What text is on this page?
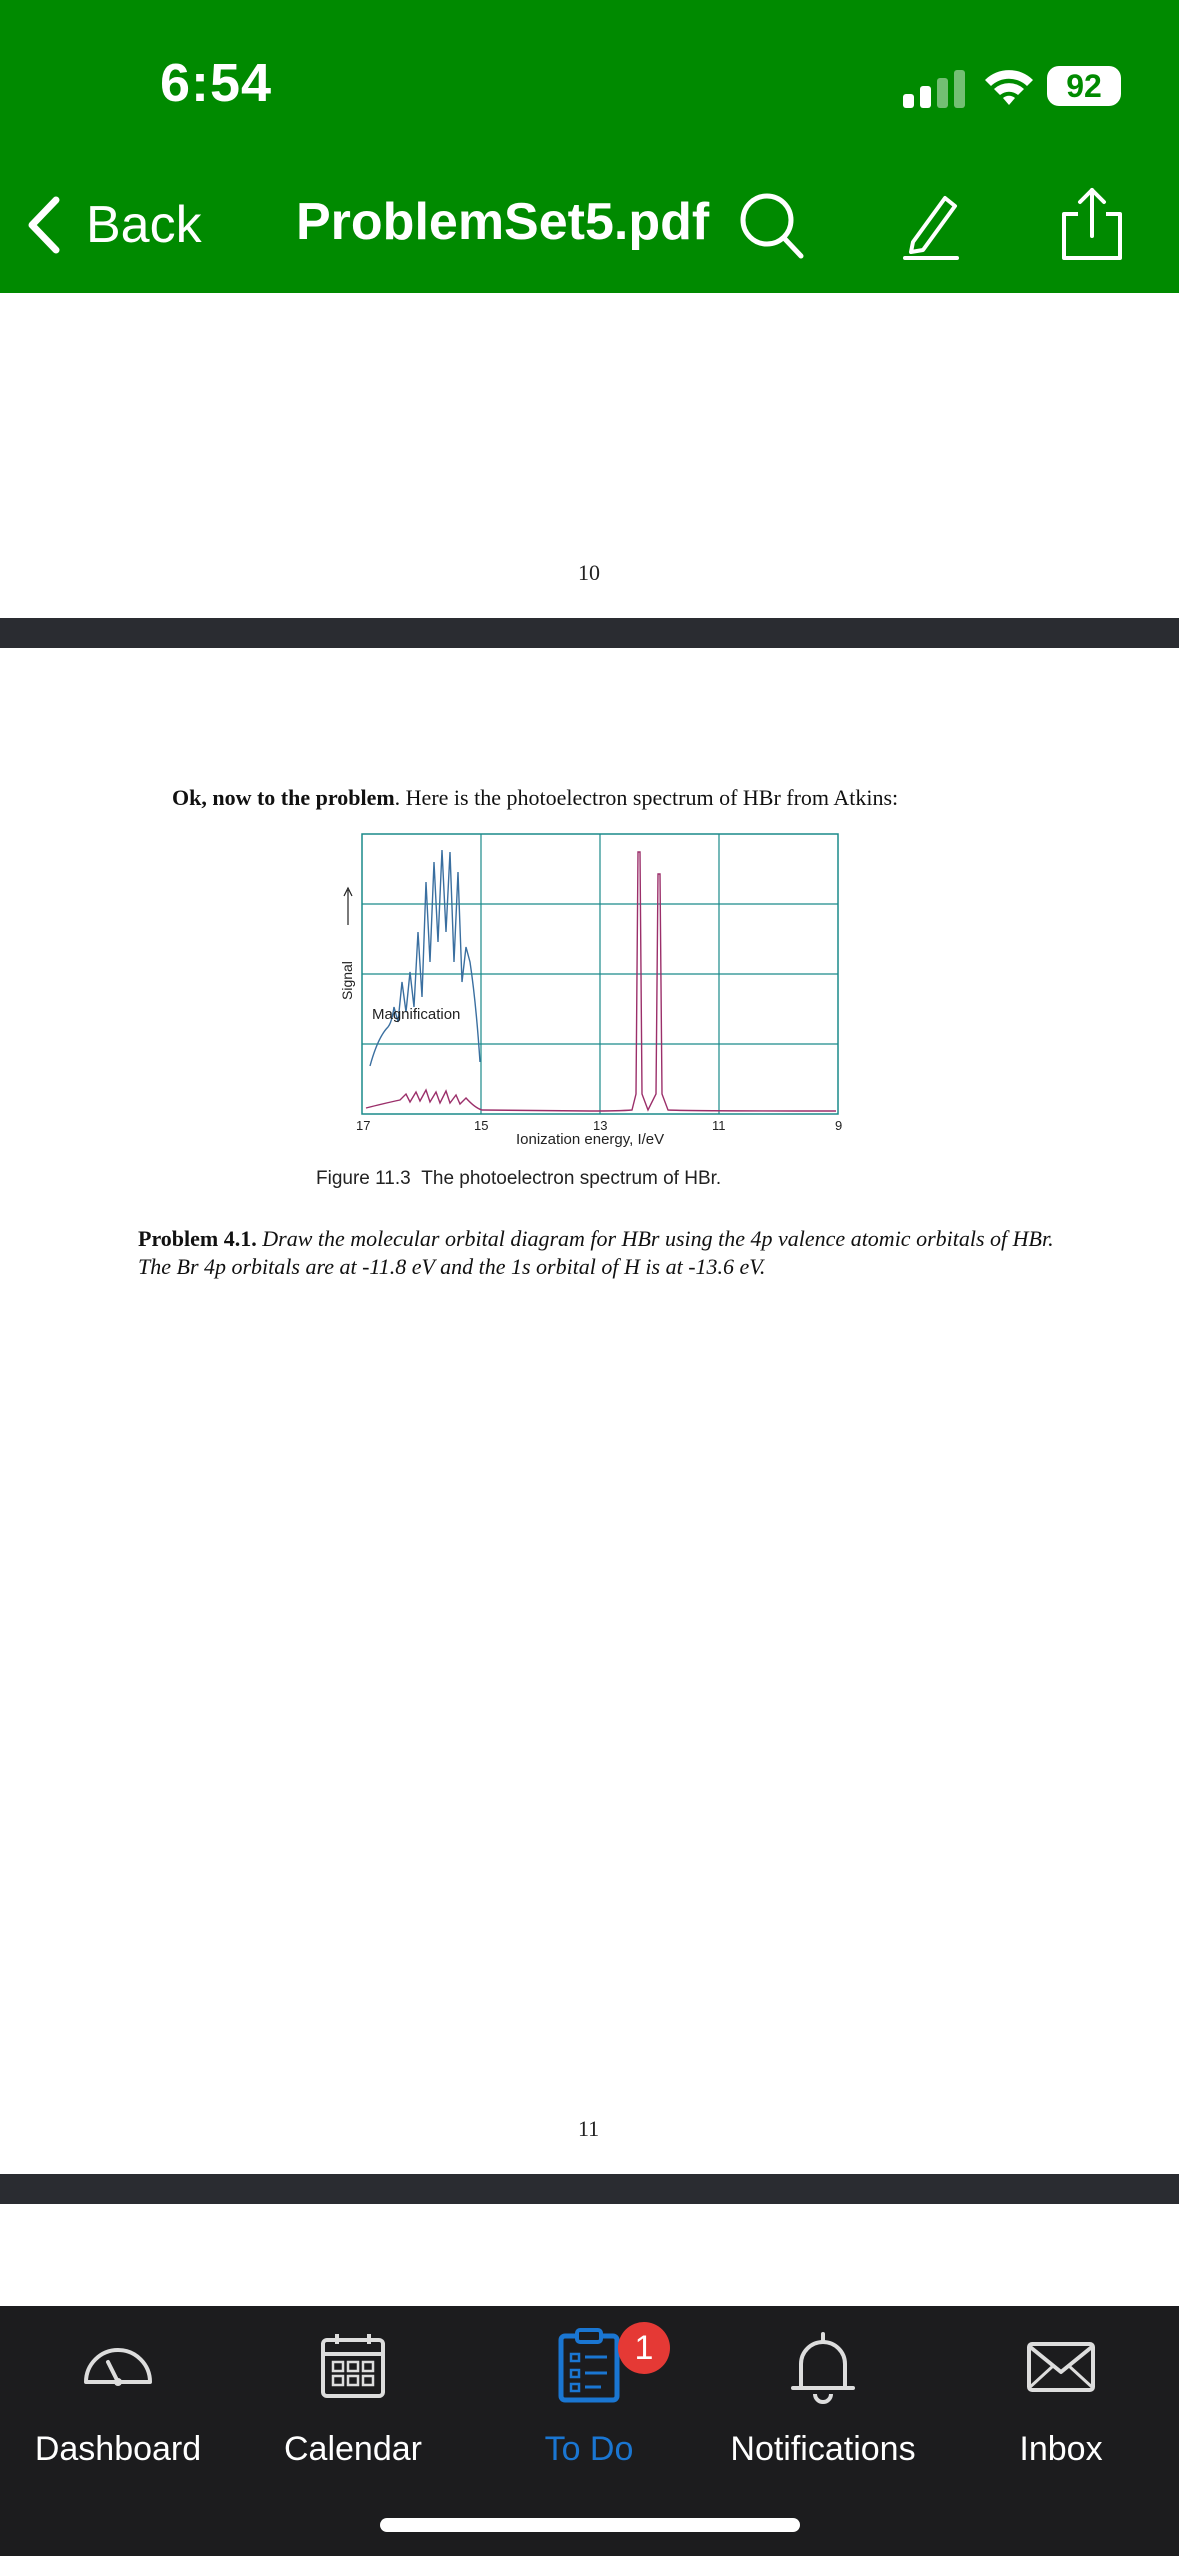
6:54	92
Back ProblemSet5.pdf
10
Ok, now to the problem. Here is the photoelectron spectrum of HBr from Atkins:
Signal
Magnification
17	15	13	11	9
Ionization energy, I/eV
Figure 11.3 The photoelectron spectrum of HBr.
Problem 4.1. Draw the molecular orbital diagram for HBr using the 4p valence atomic orbitals of HBr. The Br 4p orbitals are at -11.8 eV and the 1s orbital of H is at -13.6 eV.
11
Dashboard	Calendar
1
To Do	Notifications	Inbox
